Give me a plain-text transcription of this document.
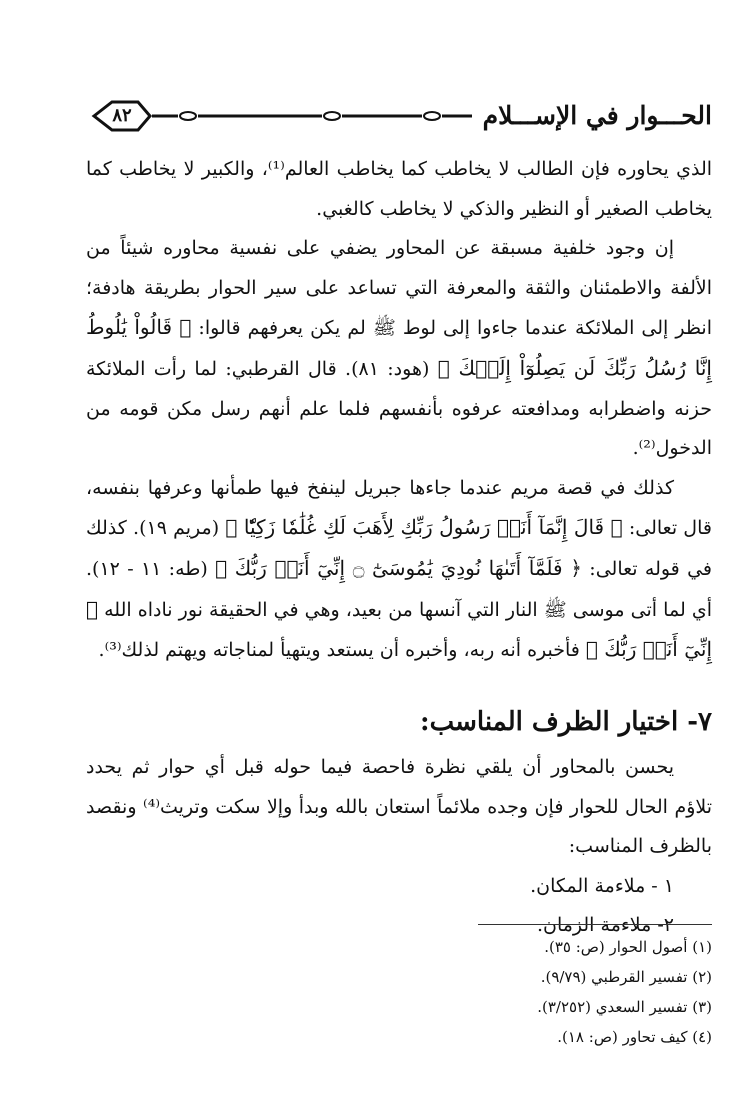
٨٢	الحـــوار في الإســـلام

الذي يحاوره فإن الطالب لا يخاطب كما يخاطب العالم⁽¹⁾، والكبير لا يخاطب كما يخاطب الصغير أو النظير والذكي لا يخاطب كالغبي.

إن وجود خلفية مسبقة عن المحاور يضفي على نفسية محاوره شيئاً من الألفة والاطمئنان والثقة والمعرفة التي تساعد على سير الحوار بطريقة هادفة؛ انظر إلى الملائكة عندما جاءوا إلى لوط ﷺ لم يكن يعرفهم قالوا: ﴿ قَالُواْ يَٰلُوطُ إِنَّا رُسُلُ رَبِّكَ لَن يَصِلُوٓاْ إِلَيۡكَ ﴾ (هود: ٨١). قال القرطبي: لما رأت الملائكة حزنه واضطرابه ومدافعته عرفوه بأنفسهم فلما علم أنهم رسل مكن قومه من الدخول⁽²⁾.

كذلك في قصة مريم عندما جاءها جبريل لينفخ فيها طمأنها وعرفها بنفسه، قال تعالى: ﴿ قَالَ إِنَّمَآ أَنَا۠ رَسُولُ رَبِّكِ لِأَهَبَ لَكِ غُلَٰمٗا زَكِيّٗا ﴾ (مريم ١٩). كذلك في قوله تعالى: ﴿ فَلَمَّآ أَتَىٰهَا نُودِيَ يَٰمُوسَىٰٓ ۝ إِنِّيٓ أَنَا۠ رَبُّكَ ﴾ (طه: ١١ - ١٢). أي لما أتى موسى ﷺ النار التي آنسها من بعيد، وهي في الحقيقة نور ناداه الله ﴿ إِنِّيٓ أَنَا۠ رَبُّكَ ﴾ فأخبره أنه ربه، وأخبره أن يستعد ويتهيأ لمناجاته ويهتم لذلك⁽³⁾.

٧- اختيار الظرف المناسب:

يحسن بالمحاور أن يلقي نظرة فاحصة فيما حوله قبل أي حوار ثم يحدد تلاؤم الحال للحوار فإن وجده ملائماً استعان بالله وبدأ وإلا سكت وتريث⁽⁴⁾ ونقصد بالظرف المناسب:

١ - ملاءمة المكان.

٢- ملاءمة الزمان.

(١) أصول الحوار (ص: ٣٥).
(٢) تفسير القرطبي (٩/٧٩).
(٣) تفسير السعدي (٣/٢٥٢).
(٤) كيف تحاور (ص: ١٨).
